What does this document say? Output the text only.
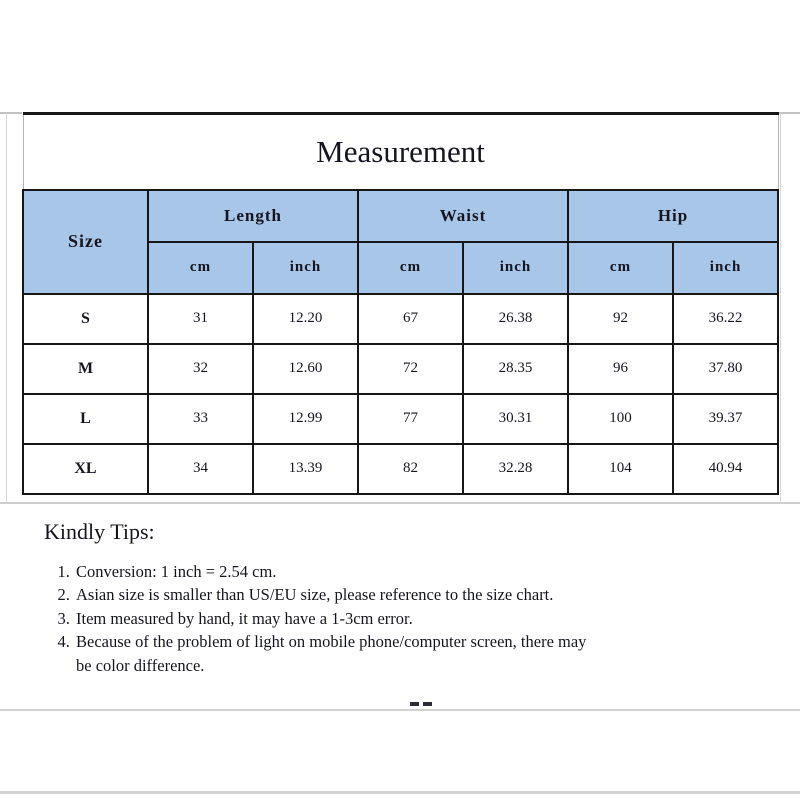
Measurement						
Size	Length		Waist		Hip	
	cm	inch	cm	inch	cm	inch
S	31	12.20	67	26.38	92	36.22
M	32	12.60	72	28.35	96	37.80
L	33	12.99	77	30.31	100	39.37
XL	34	13.39	82	32.28	104	40.94
Kindly Tips:
1. Conversion: 1 inch = 2.54 cm.
2. Asian size is smaller than US/EU size, please reference to the size chart.
3. Item measured by hand, it may have a 1-3cm error.
4. Because of the problem of light on mobile phone/computer screen, there may be color difference.
